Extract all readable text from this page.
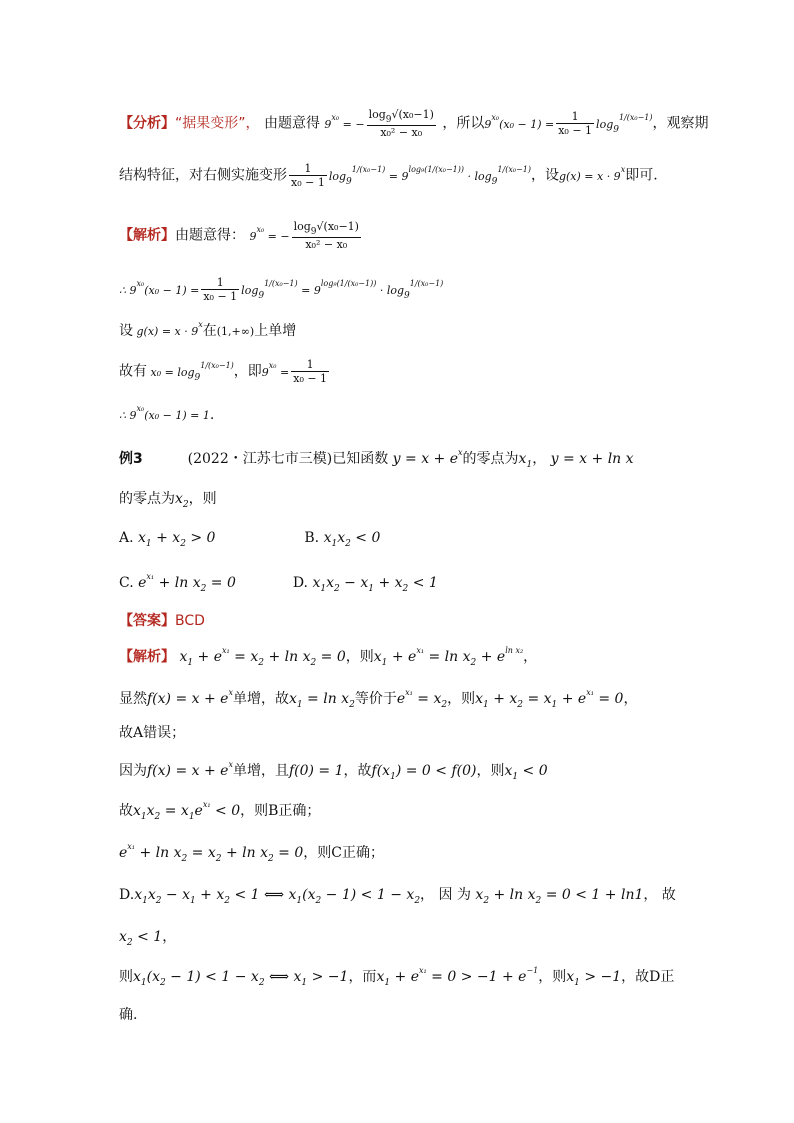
【分析】“据果变形”， 由题意得 $9^{x_0}$ = − $\frac{\log_9√(x_0-1)}{\text{x₀² − x₀}}$ ，所以$9^{x_0}(x_0 - 1) = \frac{1}{\text{x₀ − 1}} \log_9^{1/(x_0-1)}$，观察期
结构特征，对右侧实施变形 $\frac{1}{\text{x₀ − 1}} \log_9^{1/(x_0-1)} = 9^{log_9(1/(x_0-1))} \cdot \log_9^{1/(x_0-1)}$，设$g(x) = x \cdot 9^x$即可.
【解析】由题意得： $9^{x_0}$ = − $\frac{\log_9√(x_0-1)}{\text{x₀² − x₀}}$
∴ $9^{x_0}(x_0 - 1) = \frac{1}{\text{x₀ − 1}} \log_9^{1/(x_0-1)} = 9^{log_9(1/(x_0-1))} \cdot \log_9^{1/(x_0-1)}$
设 $g(x) = x \cdot 9^x$在(1,+∞)上单增
故有 $x_0 = \log_9^{1/(x_0-1)}$，即$9^{x_0} = \frac{1}{\text{x₀ − 1}}$
∴ $9^{x_0}(x_0 - 1) = 1$.
例3	(2022・江苏七市三模)已知函数 $y = x + e^x$的零点为$x_1$， y = x + ln x
的零点为$x_2$，则
A. $x_1 + x_2 > 0$	B. $x_1x_2 < 0$
C. $e^{x_1} + \ln x_2 = 0$	D. $x_1x_2 - x_1 + x_2 < 1$
【答案】BCD
【解析】 $x_1 + e^{x_1} = x_2 + \ln x_2 = 0$，则$x_1 + e^{x_1} = \ln x_2 + e^{ln x_2}$，
显然$f(x) = x + e^x$单增，故$x_1 = \ln x_2$等价于$e^{x_1} = x_2$，则$x_1 + x_2 = x_1 + e^{x_1} = 0$，
故A错误；
因为$f(x) = x + e^x$单增，且f(0) = 1，故$f(x_1) = 0 < f(0)$，则$x_1 < 0$
故$x_1x_2 = x_1e^{x_1} < 0$，则B正确；
$e^{x_1} + \ln x_2 = x_2 + \ln x_2 = 0$，则C正确；
$D.x_1x_2 - x_1 + x_2 < 1$ ⟺ $x_1(x_2 - 1) < 1 - x_2$， 因 为 $x_2 + \ln x_2 = 0 < 1 + \ln 1$， 故
$x_2 < 1$，
则$x_1(x_2 - 1) < 1 - x_2$ ⟺ $x_1 > -1$，而$x_1 + e^{x_1} = 0 > -1 + e^{-1}$，则$x_1 > -1$，故D正
确.
